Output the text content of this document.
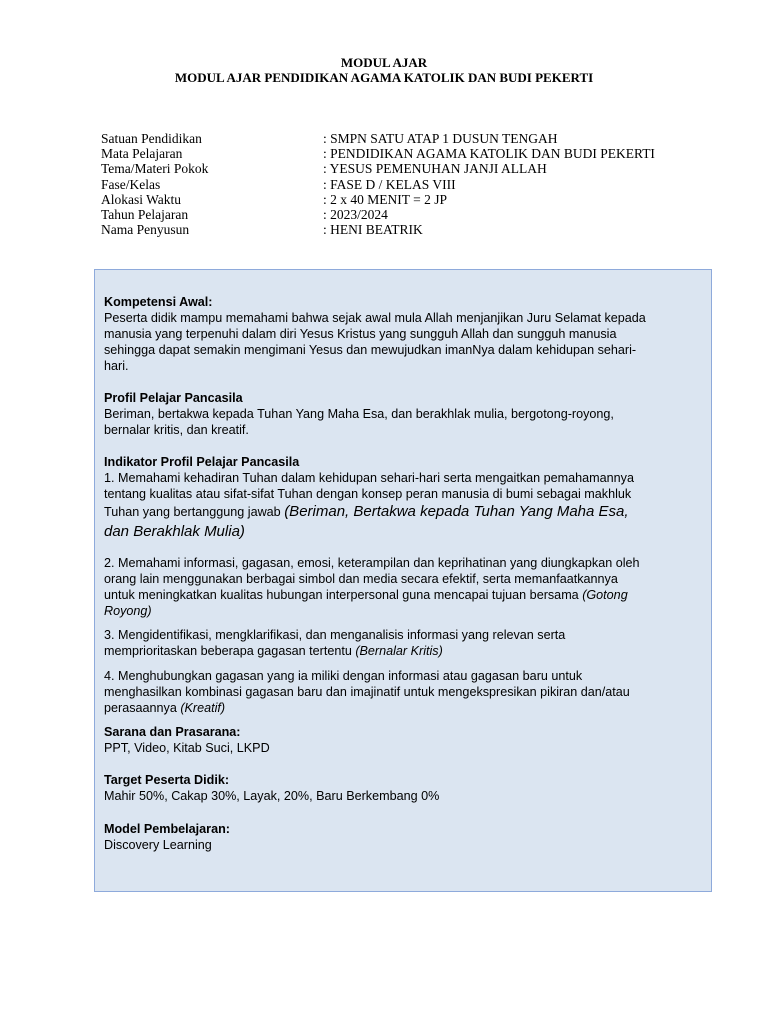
MODUL AJAR
MODUL AJAR PENDIDIKAN AGAMA KATOLIK DAN BUDI PEKERTI
Satuan Pendidikan	: SMPN SATU ATAP 1 DUSUN TENGAH
Mata Pelajaran	: PENDIDIKAN AGAMA KATOLIK DAN BUDI PEKERTI
Tema/Materi Pokok	: YESUS PEMENUHAN JANJI ALLAH
Fase/Kelas	: FASE D / KELAS VIII
Alokasi Waktu	: 2 x 40 MENIT = 2 JP
Tahun Pelajaran	: 2023/2024
Nama Penyusun	: HENI BEATRIK
Kompetensi Awal:
Peserta didik mampu memahami bahwa sejak awal mula Allah menjanjikan Juru Selamat kepada
manusia yang terpenuhi dalam diri Yesus Kristus yang sungguh Allah dan sungguh manusia
sehingga dapat semakin mengimani Yesus dan mewujudkan imanNya dalam kehidupan sehari-
hari.
Profil Pelajar Pancasila
Beriman, bertakwa kepada Tuhan Yang Maha Esa, dan berakhlak mulia, bergotong-royong,
bernalar kritis, dan kreatif.
Indikator Profil Pelajar Pancasila
1. Memahami kehadiran Tuhan dalam kehidupan sehari-hari serta mengaitkan pemahamannya
tentang kualitas atau sifat-sifat Tuhan dengan konsep peran manusia di bumi sebagai makhluk
Tuhan yang bertanggung jawab (Beriman, Bertakwa kepada Tuhan Yang Maha Esa,
dan Berakhlak Mulia)
2. Memahami informasi, gagasan, emosi, keterampilan dan keprihatinan yang diungkapkan oleh
orang lain menggunakan berbagai simbol dan media secara efektif, serta memanfaatkannya
untuk meningkatkan kualitas hubungan interpersonal guna mencapai tujuan bersama (Gotong
Royong)
3. Mengidentifikasi, mengklarifikasi, dan menganalisis informasi yang relevan serta
memprioritaskan beberapa gagasan tertentu (Bernalar Kritis)
4. Menghubungkan gagasan yang ia miliki dengan informasi atau gagasan baru untuk
menghasilkan kombinasi gagasan baru dan imajinatif untuk mengekspresikan pikiran dan/atau
perasaannya (Kreatif)
Sarana dan Prasarana:
PPT, Video, Kitab Suci, LKPD
Target Peserta Didik:
Mahir 50%, Cakap 30%, Layak, 20%, Baru Berkembang 0%
Model Pembelajaran:
Discovery Learning
